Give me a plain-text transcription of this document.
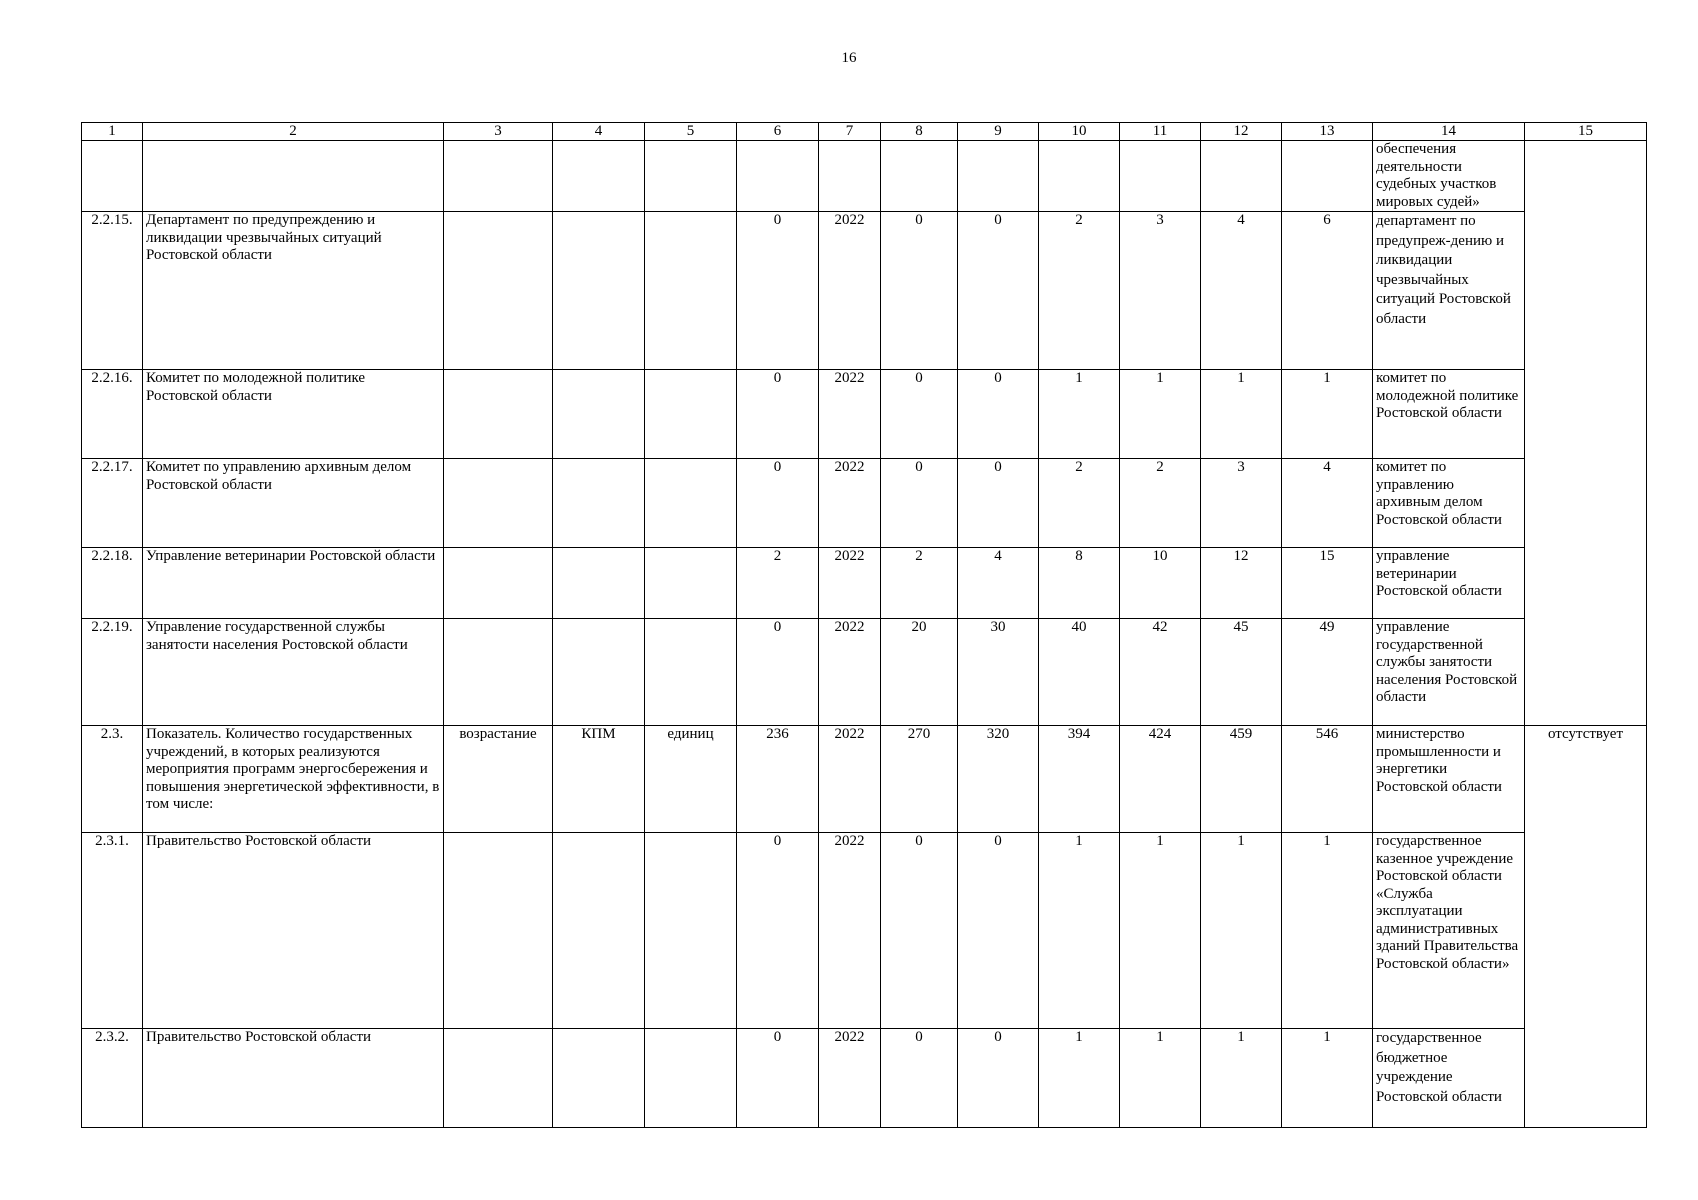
16
1	2	3	4	5	6	7	8	9	10	11	12	13	14	15
													обеспечения деятельности судебных участков мировых судей»	
2.2.15.	Департамент по предупреждению и ликвидации чрезвычайных ситуаций Ростовской области				0	2022	0	0	2	3	4	6	департамент по предупреж-дению и ликвидации чрезвычайных ситуаций Ростовской области	
2.2.16.	Комитет по молодежной политике Ростовской области				0	2022	0	0	1	1	1	1	комитет по молодежной политике Ростовской области	
2.2.17.	Комитет по управлению архивным делом Ростовской области				0	2022	0	0	2	2	3	4	комитет по управлению архивным делом Ростовской области	
2.2.18.	Управление ветеринарии Ростовской области				2	2022	2	4	8	10	12	15	управление ветеринарии Ростовской области	
2.2.19.	Управление государственной службы занятости населения Ростовской области				0	2022	20	30	40	42	45	49	управление государственной службы занятости населения Ростовской области	
2.3.	Показатель. Количество государственных учреждений, в которых реализуются мероприятия программ энергосбережения и повышения энергетической эффективности, в том числе:	возрастание	КПМ	единиц	236	2022	270	320	394	424	459	546	министерство промышленности и энергетики Ростовской области	отсутствует
2.3.1.	Правительство Ростовской области				0	2022	0	0	1	1	1	1	государственное казенное учреждение Ростовской области «Служба эксплуатации административных зданий Правительства Ростовской области»	
2.3.2.	Правительство Ростовской области				0	2022	0	0	1	1	1	1	государственное бюджетное учреждение Ростовской области	
